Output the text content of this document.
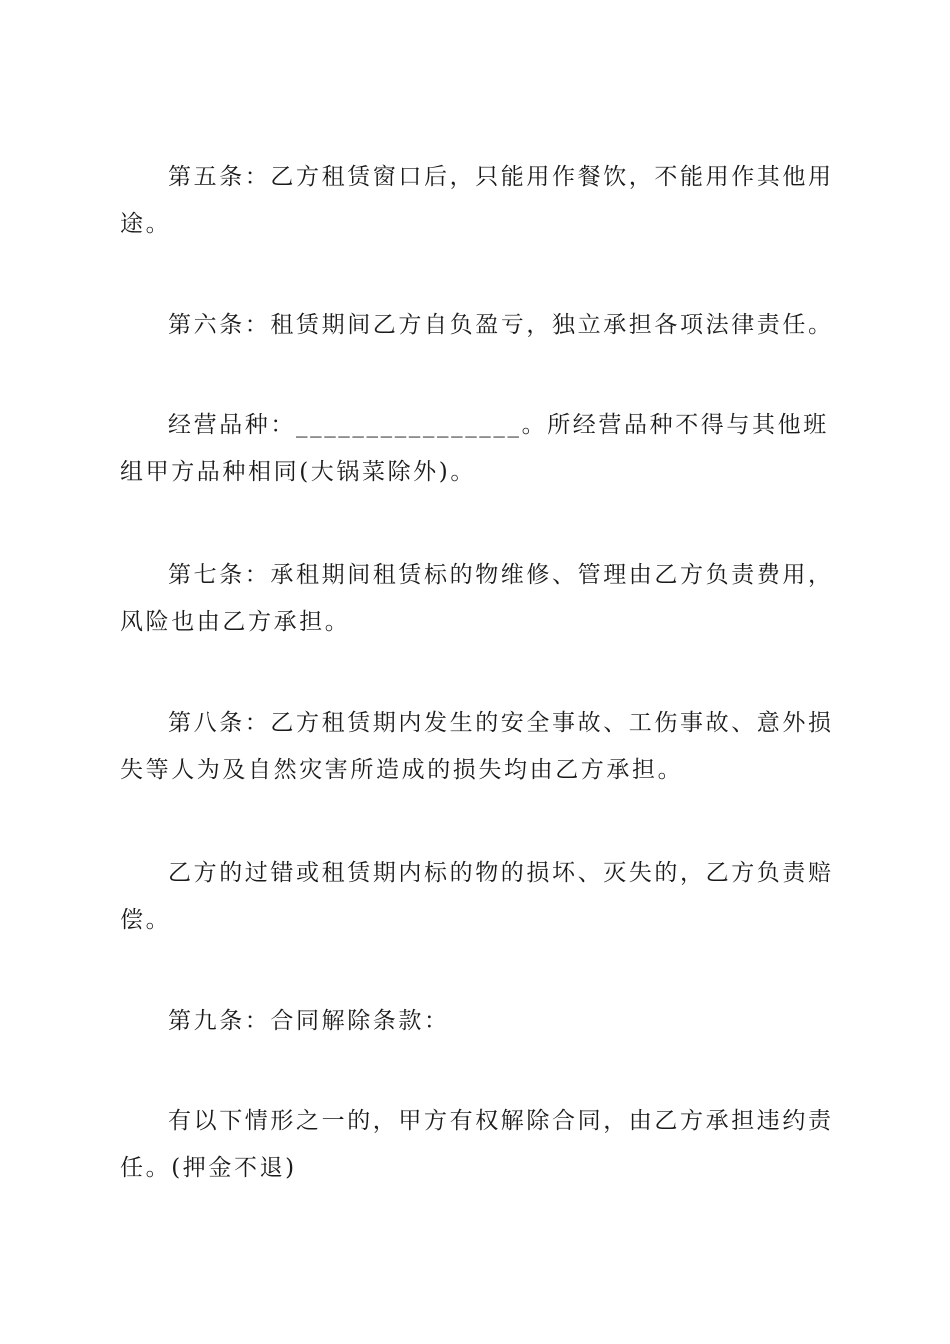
第五条：乙方租赁窗口后，只能用作餐饮，不能用作其他用途。

第六条：租赁期间乙方自负盈亏，独立承担各项法律责任。

经营品种：________________。所经营品种不得与其他班组甲方品种相同(大锅菜除外)。

第七条：承租期间租赁标的物维修、管理由乙方负责费用，风险也由乙方承担。

第八条：乙方租赁期内发生的安全事故、工伤事故、意外损失等人为及自然灾害所造成的损失均由乙方承担。

乙方的过错或租赁期内标的物的损坏、灭失的，乙方负责赔偿。

第九条：合同解除条款：

有以下情形之一的，甲方有权解除合同，由乙方承担违约责任。(押金不退)
